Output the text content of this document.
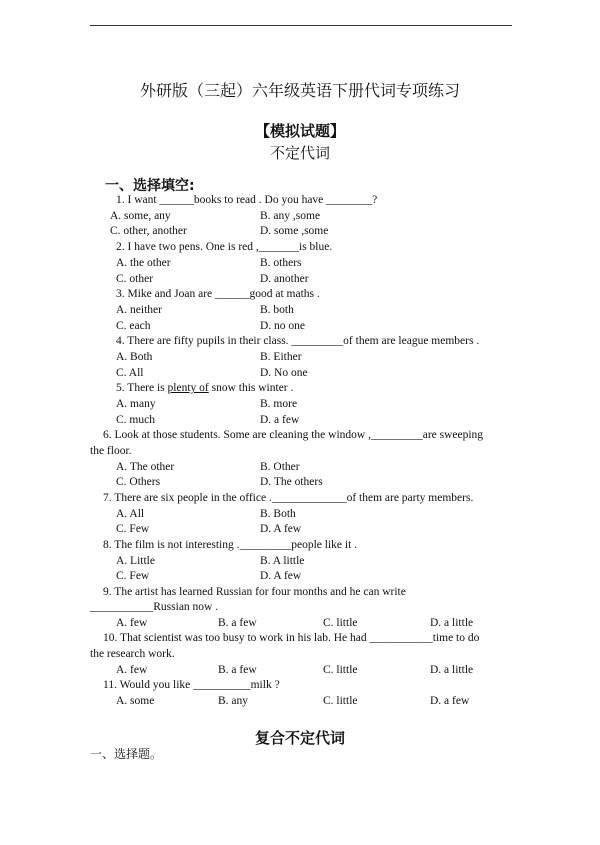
外研版（三起）六年级英语下册代词专项练习
【模拟试题】
不定代词
一、选择填空:
1. I want ______books to read . Do you have ________?
A. some, any	B. any ,some
C. other, another	D. some ,some
2. I have two pens. One is red ,_______is blue.
A. the other	B. others
C. other	D. another
3. Mike and Joan are ______good at maths .
A. neither	B. both
C. each	D. no one
4. There are fifty pupils in their class. _________of them are league members .
A. Both	B. Either
C. All	D. No one
5. There is plenty of snow this winter .
A. many	B. more
C. much	D. a few
6. Look at those students. Some are cleaning the window ,_________are sweeping
the floor.
A. The other	B. Other
C. Others	D. The others
7. There are six people in the office ._____________of them are party members.
A. All	B. Both
C. Few	D. A few
8. The film is not interesting ._________people like it .
A. Little	B. A little
C. Few	D. A few
9. The artist has learned Russian for four months and he can write
___________Russian now .
A. few	B. a few	C. little	D. a little
10. That scientist was too busy to work in his lab. He had ___________time to do
the research work.
A. few	B. a few	C. little	D. a little
11. Would you like __________milk ?
A. some	B. any	C. little	D. a few
复合不定代词
一、选择题。
